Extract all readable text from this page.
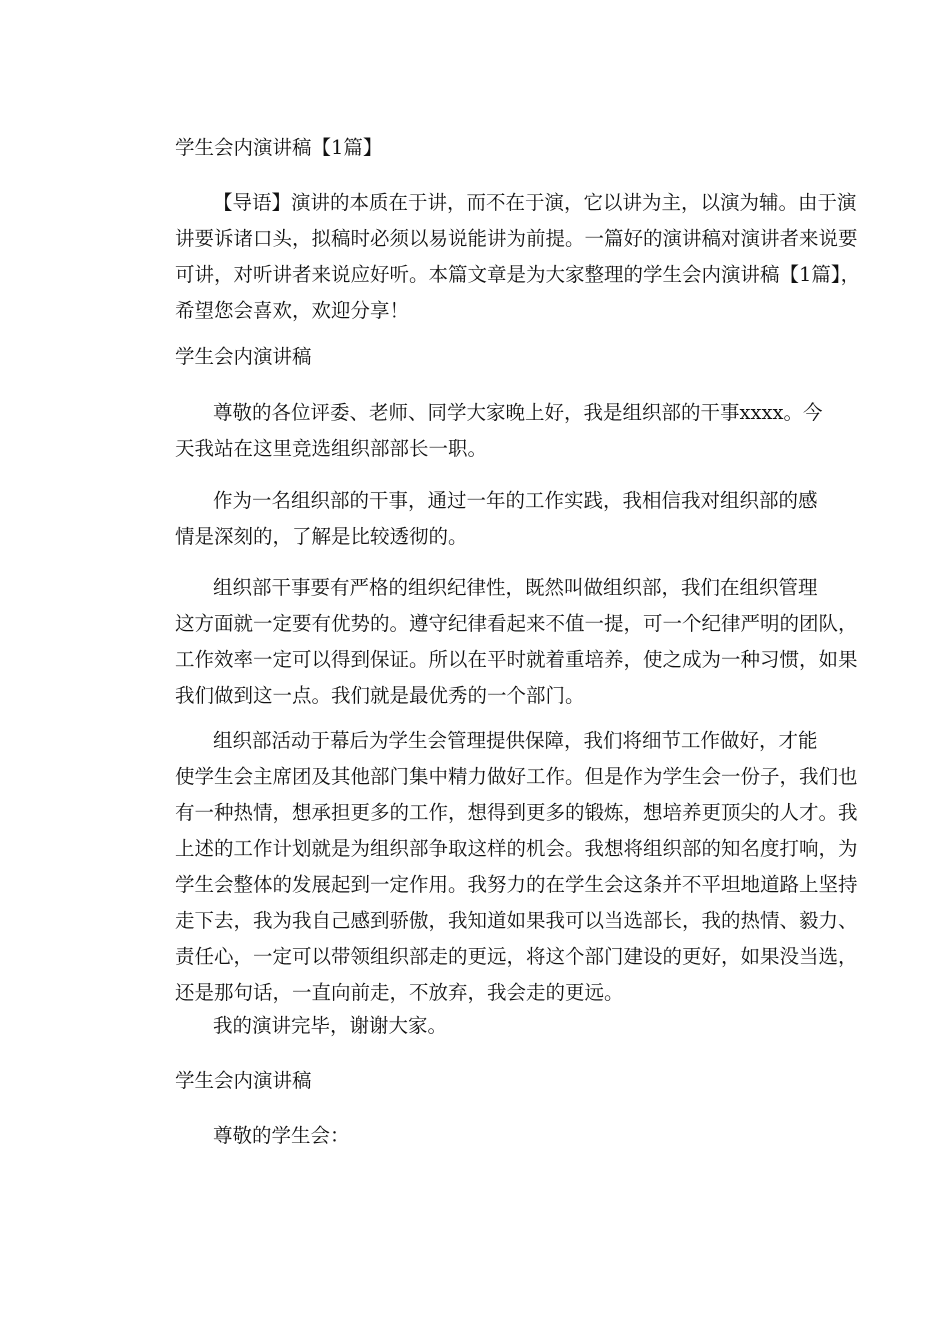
学生会内演讲稿【1篇】

【导语】演讲的本质在于讲，而不在于演，它以讲为主，以演为辅。由于演
讲要诉诸口头，拟稿时必须以易说能讲为前提。一篇好的演讲稿对演讲者来说要
可讲，对听讲者来说应好听。本篇文章是为大家整理的学生会内演讲稿【1篇】，
希望您会喜欢，欢迎分享！

学生会内演讲稿

尊敬的各位评委、老师、同学大家晚上好，我是组织部的干事xxxx。今
天我站在这里竞选组织部部长一职。
作为一名组织部的干事，通过一年的工作实践，我相信我对组织部的感
情是深刻的，了解是比较透彻的。
组织部干事要有严格的组织纪律性，既然叫做组织部，我们在组织管理
这方面就一定要有优势的。遵守纪律看起来不值一提，可一个纪律严明的团队，
工作效率一定可以得到保证。所以在平时就着重培养，使之成为一种习惯，如果
我们做到这一点。我们就是最优秀的一个部门。
组织部活动于幕后为学生会管理提供保障，我们将细节工作做好，才能
使学生会主席团及其他部门集中精力做好工作。但是作为学生会一份子，我们也
有一种热情，想承担更多的工作，想得到更多的锻炼，想培养更顶尖的人才。我
上述的工作计划就是为组织部争取这样的机会。我想将组织部的知名度打响，为
学生会整体的发展起到一定作用。我努力的在学生会这条并不平坦地道路上坚持
走下去，我为我自己感到骄傲，我知道如果我可以当选部长，我的热情、毅力、
责任心，一定可以带领组织部走的更远，将这个部门建设的更好，如果没当选，
还是那句话，一直向前走，不放弃，我会走的更远。

我的演讲完毕，谢谢大家。

学生会内演讲稿

尊敬的学生会：
